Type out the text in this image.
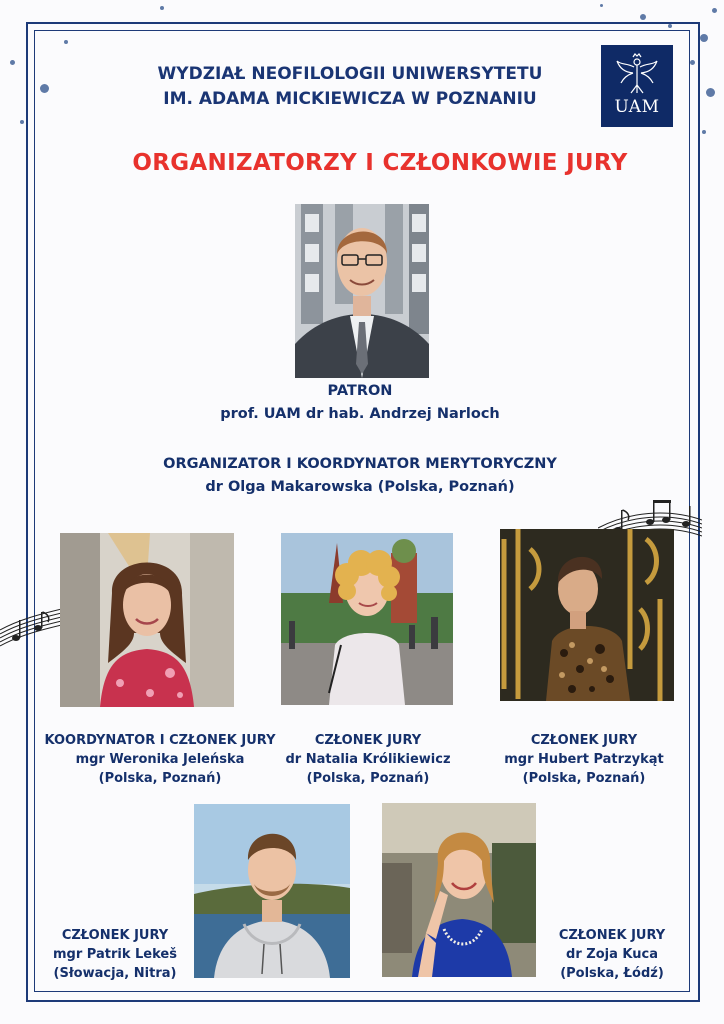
WYDZIAŁ NEOFILOLOGII UNIWERSYTETU
IM. ADAMA MICKIEWICZA W POZNANIU	UAM
ORGANIZATORZY I CZŁONKOWIE JURY
PATRON
prof. UAM dr hab. Andrzej Narloch
ORGANIZATOR I KOORDYNATOR MERYTORYCZNY
dr Olga Makarowska (Polska, Poznań)
KOORDYNATOR I CZŁONEK JURY
mgr Weronika Jeleńska
(Polska, Poznań)
CZŁONEK JURY
dr Natalia Królikiewicz
(Polska, Poznań)
CZŁONEK JURY
mgr Hubert Patrzykąt
(Polska, Poznań)
CZŁONEK JURY
mgr Patrik Lekeš
(Słowacja, Nitra)
CZŁONEK JURY
dr Zoja Kuca
(Polska, Łódź)
